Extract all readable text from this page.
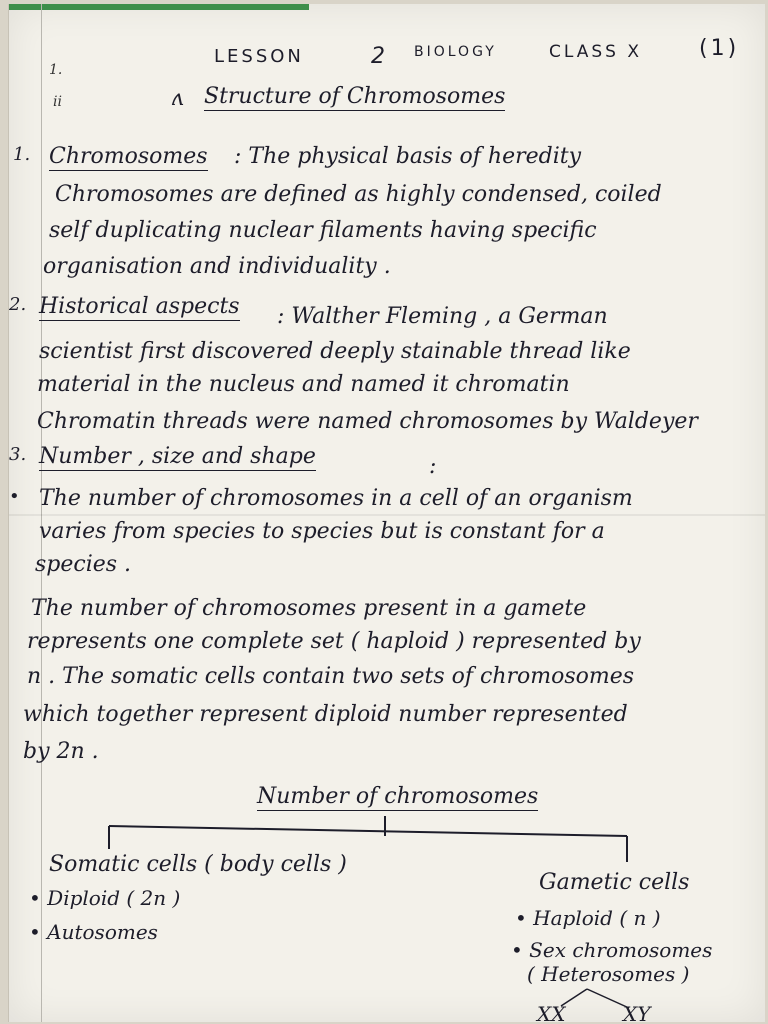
1.
ii
LESSON	2 BIOLOGY	CLASS X	(1)
ʌ Structure of Chromosomes
1. Chromosomes : The physical basis of heredity
Chromosomes are defined as highly condensed, coiled
self duplicating nuclear filaments having specific
organisation and individuality .
2. Historical aspects : Walther Fleming , a German
scientist first discovered deeply stainable thread like
material in the nucleus and named it chromatin
Chromatin threads were named chromosomes by Waldeyer
3. Number , size and shape	:
• The number of chromosomes in a cell of an organism
varies from species to species but is constant for a
species .
The number of chromosomes present in a gamete
represents one complete set ( haploid ) represented by
n . The somatic cells contain two sets of chromosomes
which together represent diploid number represented
by 2n .
Number of chromosomes
Somatic cells ( body cells )
• Diploid ( 2n )
• Autosomes
Gametic cells
• Haploid ( n )
• Sex chromosomes
( Heterosomes )
XX	XY
